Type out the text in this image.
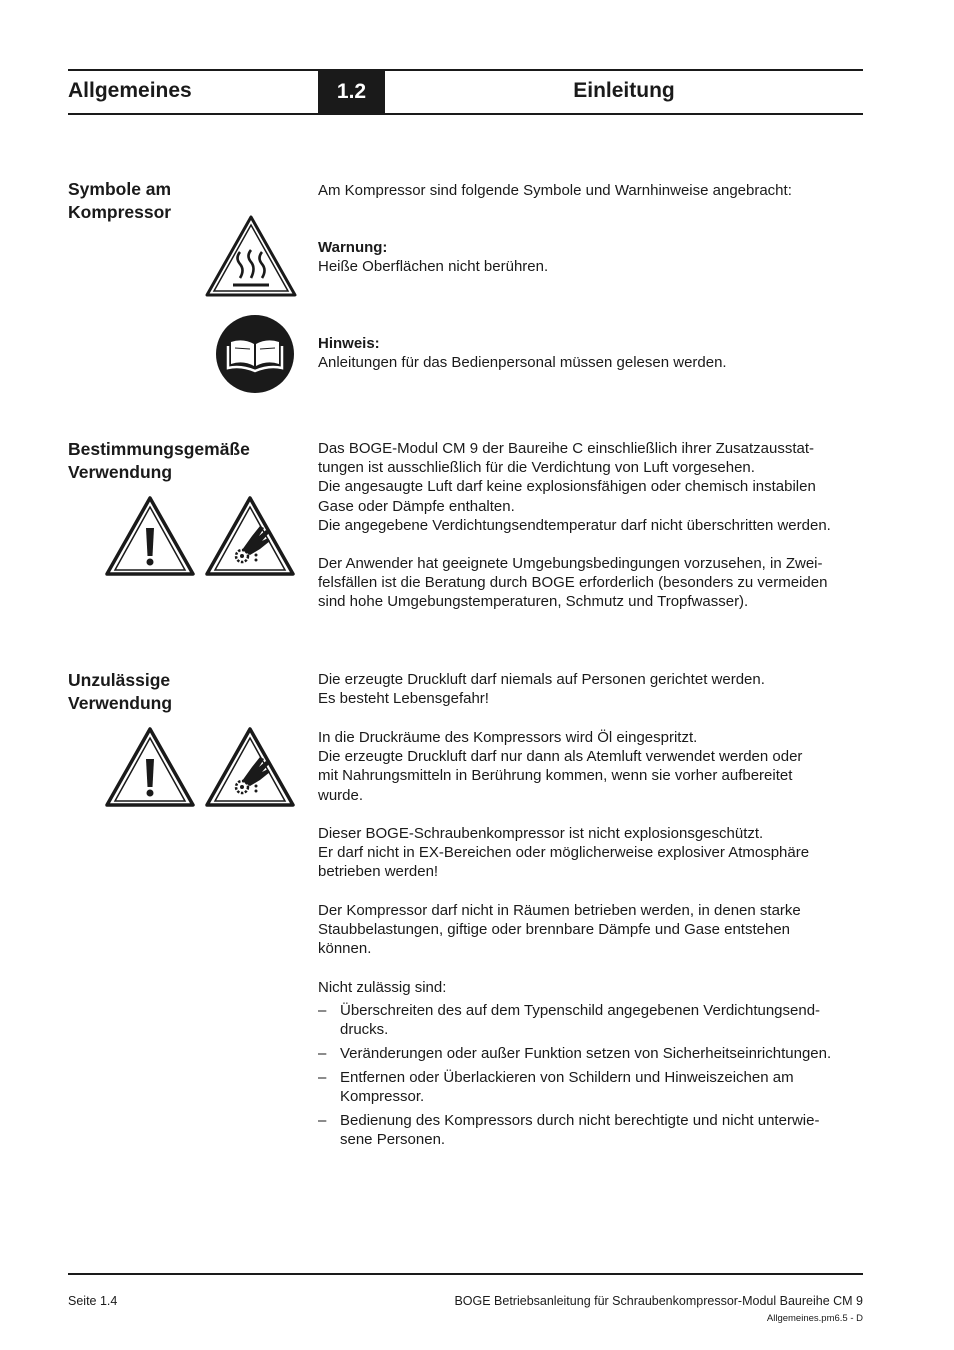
Allgemeines	1.2	Einleitung
Symbole am
Kompressor
Am Kompressor sind folgende Symbole und Warnhinweise angebracht:

Warnung:

Heiße Oberflächen nicht berühren.

Hinweis:

Anleitungen für das Bedienpersonal müssen gelesen werden.

Bestimmungsgemäße
Verwendung

Das BOGE-Modul CM 9 der Baureihe C einschließlich ihrer Zusatzausstat-

tungen ist ausschließlich für die Verdichtung von Luft vorgesehen.

Die angesaugte Luft darf keine explosionsfähigen oder chemisch instabilen

Gase oder Dämpfe enthalten.

Die angegebene Verdichtungsendtemperatur darf nicht überschritten werden.

Der Anwender hat geeignete Umgebungsbedingungen vorzusehen, in Zwei-

felsfällen ist die Beratung durch BOGE erforderlich (besonders zu vermeiden

sind hohe Umgebungstemperaturen, Schmutz und Tropfwasser).

Unzulässige
Verwendung

Die erzeugte Druckluft darf niemals auf Personen gerichtet werden.

Es besteht Lebensgefahr!

In die Druckräume des Kompressors wird Öl eingespritzt.

Die erzeugte Druckluft darf nur dann als Atemluft verwendet werden oder

mit Nahrungsmitteln in Berührung kommen, wenn sie vorher aufbereitet

wurde.

Dieser BOGE-Schraubenkompressor ist nicht explosionsgeschützt.

Er darf nicht in EX-Bereichen oder möglicherweise explosiver Atmosphäre

betrieben werden!

Der Kompressor darf nicht in Räumen betrieben werden, in denen starke

Staubbelastungen, giftige oder brennbare Dämpfe und Gase entstehen

können.

Nicht zulässig sind:

– Überschreiten des auf dem Typenschild angegebenen Verdichtungsend-

drucks.

– Veränderungen oder außer Funktion setzen von Sicherheitseinrichtungen.

– Entfernen oder Überlackieren von Schildern und Hinweiszeichen am

Kompressor.

– Bedienung des Kompressors durch nicht berechtigte und nicht unterwie-

sene Personen.

Seite 1.4	BOGE Betriebsanleitung für Schraubenkompressor-Modul Baureihe CM 9
Allgemeines.pm6.5 - D
